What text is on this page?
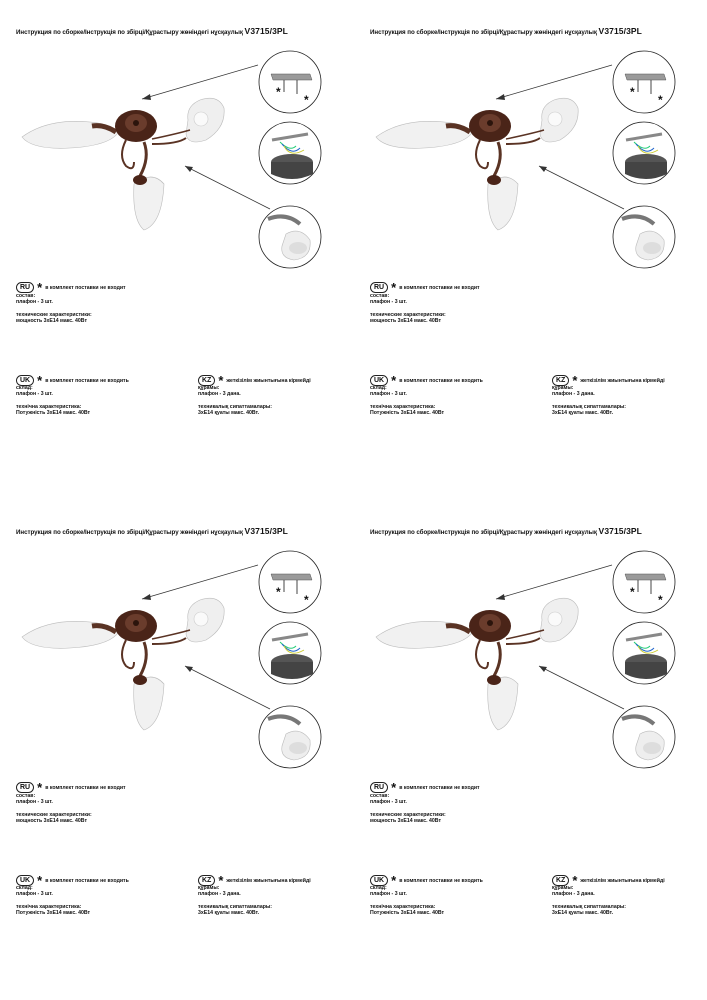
Инструкция по сборке/Інструкція по збірці/Құрастыру жөніндегі нұсқаулық V3715/3PL
*
*
RU * в комплект поставки не входит
состав:
плафон - 3 шт.
технические характеристики:
мощность 3хЕ14 макс. 40Вт
UK * в комплект поставки не входить
склад:
плафон - 3 шт.
технічна характеристика:
Потужність 3хЕ14 макс. 40Вт
KZ * жеткізілім жиынтығына кірмейді
құрамы:
плафон - 3 дана.
техникалық сипаттамалары:
3хЕ14 қуаты макс. 40Вт.
Инструкция по сборке/Інструкція по збірці/Құрастыру жөніндегі нұсқаулық V3715/3PL
*
*
RU * в комплект поставки не входит
состав:
плафон - 3 шт.
технические характеристики:
мощность 3хЕ14 макс. 40Вт
UK * в комплект поставки не входить
склад:
плафон - 3 шт.
технічна характеристика:
Потужність 3хЕ14 макс. 40Вт
KZ * жеткізілім жиынтығына кірмейді
құрамы:
плафон - 3 дана.
техникалық сипаттамалары:
3хЕ14 қуаты макс. 40Вт.
Инструкция по сборке/Інструкція по збірці/Құрастыру жөніндегі нұсқаулық V3715/3PL
*
*
RU * в комплект поставки не входит
состав:
плафон - 3 шт.
технические характеристики:
мощность 3хЕ14 макс. 40Вт
UK * в комплект поставки не входить
склад:
плафон - 3 шт.
технічна характеристика:
Потужність 3хЕ14 макс. 40Вт
KZ * жеткізілім жиынтығына кірмейді
құрамы:
плафон - 3 дана.
техникалық сипаттамалары:
3хЕ14 қуаты макс. 40Вт.
Инструкция по сборке/Інструкція по збірці/Құрастыру жөніндегі нұсқаулық V3715/3PL
*
*
RU * в комплект поставки не входит
состав:
плафон - 3 шт.
технические характеристики:
мощность 3хЕ14 макс. 40Вт
UK * в комплект поставки не входить
склад:
плафон - 3 шт.
технічна характеристика:
Потужність 3хЕ14 макс. 40Вт
KZ * жеткізілім жиынтығына кірмейді
құрамы:
плафон - 3 дана.
техникалық сипаттамалары:
3хЕ14 қуаты макс. 40Вт.
